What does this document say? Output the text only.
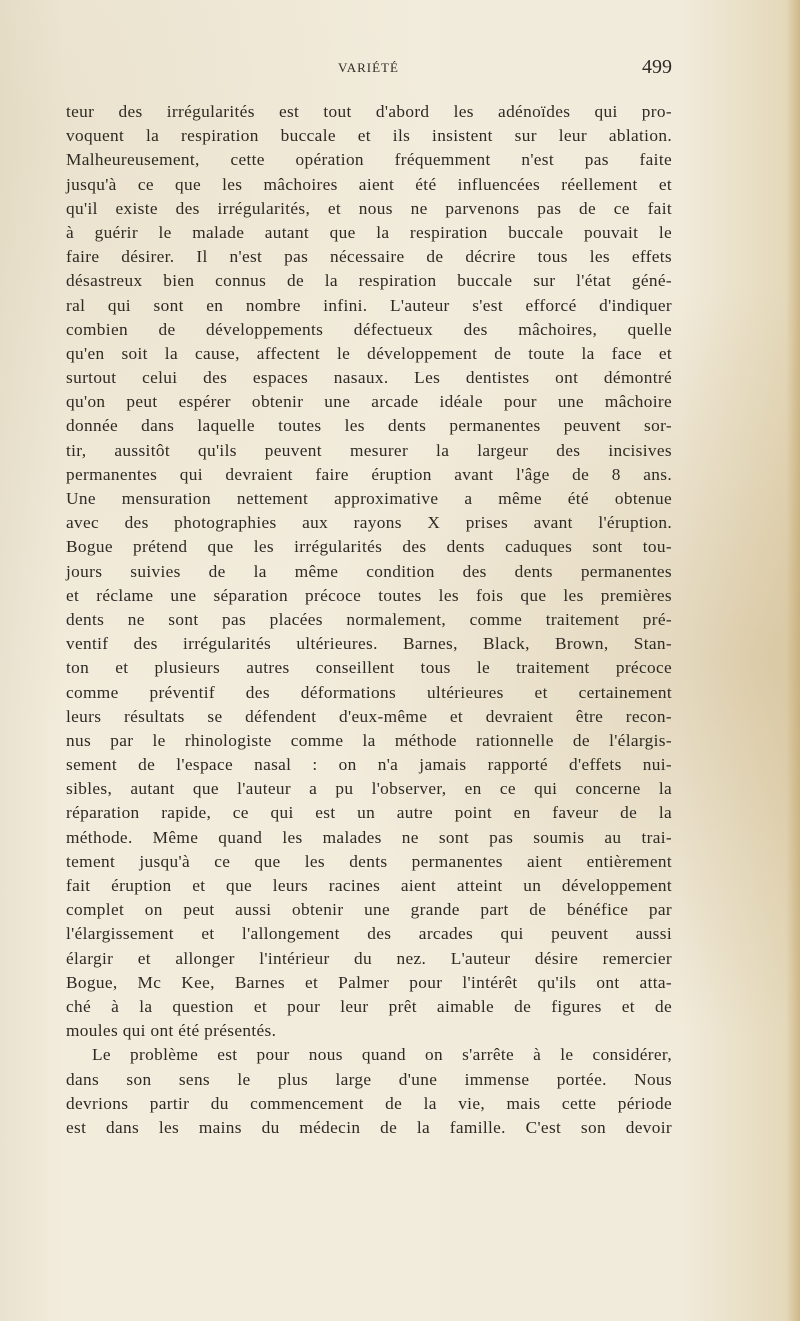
VARIÉTÉ	499
teur des irrégularités est tout d'abord les adénoïdes qui pro-
voquent la respiration buccale et ils insistent sur leur ablation.
Malheureusement, cette opération fréquemment n'est pas faite
jusqu'à ce que les mâchoires aient été influencées réellement et
qu'il existe des irrégularités, et nous ne parvenons pas de ce fait
à guérir le malade autant que la respiration buccale pouvait le
faire désirer. Il n'est pas nécessaire de décrire tous les effets
désastreux bien connus de la respiration buccale sur l'état géné-
ral qui sont en nombre infini. L'auteur s'est efforcé d'indiquer
combien de développements défectueux des mâchoires, quelle
qu'en soit la cause, affectent le développement de toute la face et
surtout celui des espaces nasaux. Les dentistes ont démontré
qu'on peut espérer obtenir une arcade idéale pour une mâchoire
donnée dans laquelle toutes les dents permanentes peuvent sor-
tir, aussitôt qu'ils peuvent mesurer la largeur des incisives
permanentes qui devraient faire éruption avant l'âge de 8 ans.
Une mensuration nettement approximative a même été obtenue
avec des photographies aux rayons X prises avant l'éruption.
Bogue prétend que les irrégularités des dents caduques sont tou-
jours suivies de la même condition des dents permanentes
et réclame une séparation précoce toutes les fois que les premières
dents ne sont pas placées normalement, comme traitement pré-
ventif des irrégularités ultérieures. Barnes, Black, Brown, Stan-
ton et plusieurs autres conseillent tous le traitement précoce
comme préventif des déformations ultérieures et certainement
leurs résultats se défendent d'eux-même et devraient être recon-
nus par le rhinologiste comme la méthode rationnelle de l'élargis-
sement de l'espace nasal : on n'a jamais rapporté d'effets nui-
sibles, autant que l'auteur a pu l'observer, en ce qui concerne la
réparation rapide, ce qui est un autre point en faveur de la
méthode. Même quand les malades ne sont pas soumis au trai-
tement jusqu'à ce que les dents permanentes aient entièrement
fait éruption et que leurs racines aient atteint un développement
complet on peut aussi obtenir une grande part de bénéfice par
l'élargissement et l'allongement des arcades qui peuvent aussi
élargir et allonger l'intérieur du nez. L'auteur désire remercier
Bogue, Mc Kee, Barnes et Palmer pour l'intérêt qu'ils ont atta-
ché à la question et pour leur prêt aimable de figures et de
moules qui ont été présentés.
Le problème est pour nous quand on s'arrête à le considérer,
dans son sens le plus large d'une immense portée. Nous
devrions partir du commencement de la vie, mais cette période
est dans les mains du médecin de la famille. C'est son devoir
